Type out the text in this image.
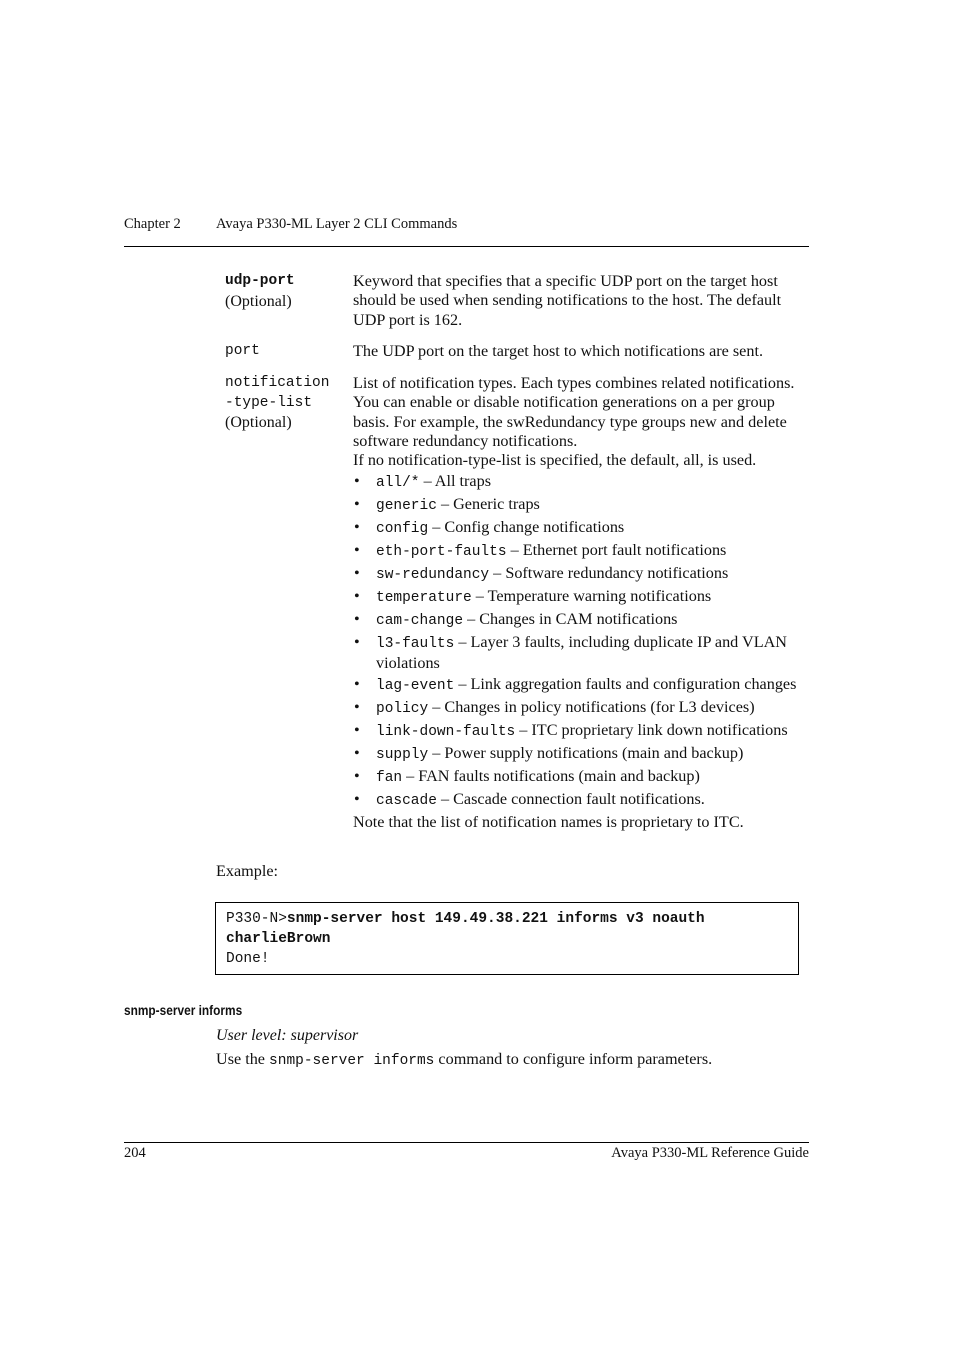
Chapter 2 Avaya P330-ML Layer 2 CLI Commands
udp-port
(Optional)

Keyword that specifies that a specific UDP port on the target host should be used when sending notifications to the host. The default UDP port is 162.

port	The UDP port on the target host to which notifications are sent.

notification
-type-list
(Optional)

List of notification types. Each types combines related notifications. You can enable or disable notification generations on a per group basis. For example, the swRedundancy type groups new and delete software redundancy notifications.

If no notification-type-list is specified, the default, all, is used.

• all/* – All traps
• generic – Generic traps
• config – Config change notifications
• eth-port-faults – Ethernet port fault notifications
• sw-redundancy – Software redundancy notifications
• temperature – Temperature warning notifications
• cam-change – Changes in CAM notifications
• l3-faults – Layer 3 faults, including duplicate IP and VLAN violations
• lag-event – Link aggregation faults and configuration changes
• policy – Changes in policy notifications (for L3 devices)
• link-down-faults – ITC proprietary link down notifications
• supply – Power supply notifications (main and backup)
• fan – FAN faults notifications (main and backup)
• cascade – Cascade connection fault notifications.

Note that the list of notification names is proprietary to ITC.

Example:
P330-N>snmp-server host 149.49.38.221 informs v3 noauth
charlieBrown
Done!
snmp-server informs
User level: supervisor
Use the snmp-server informs command to configure inform parameters.
204	Avaya P330-ML Reference Guide
